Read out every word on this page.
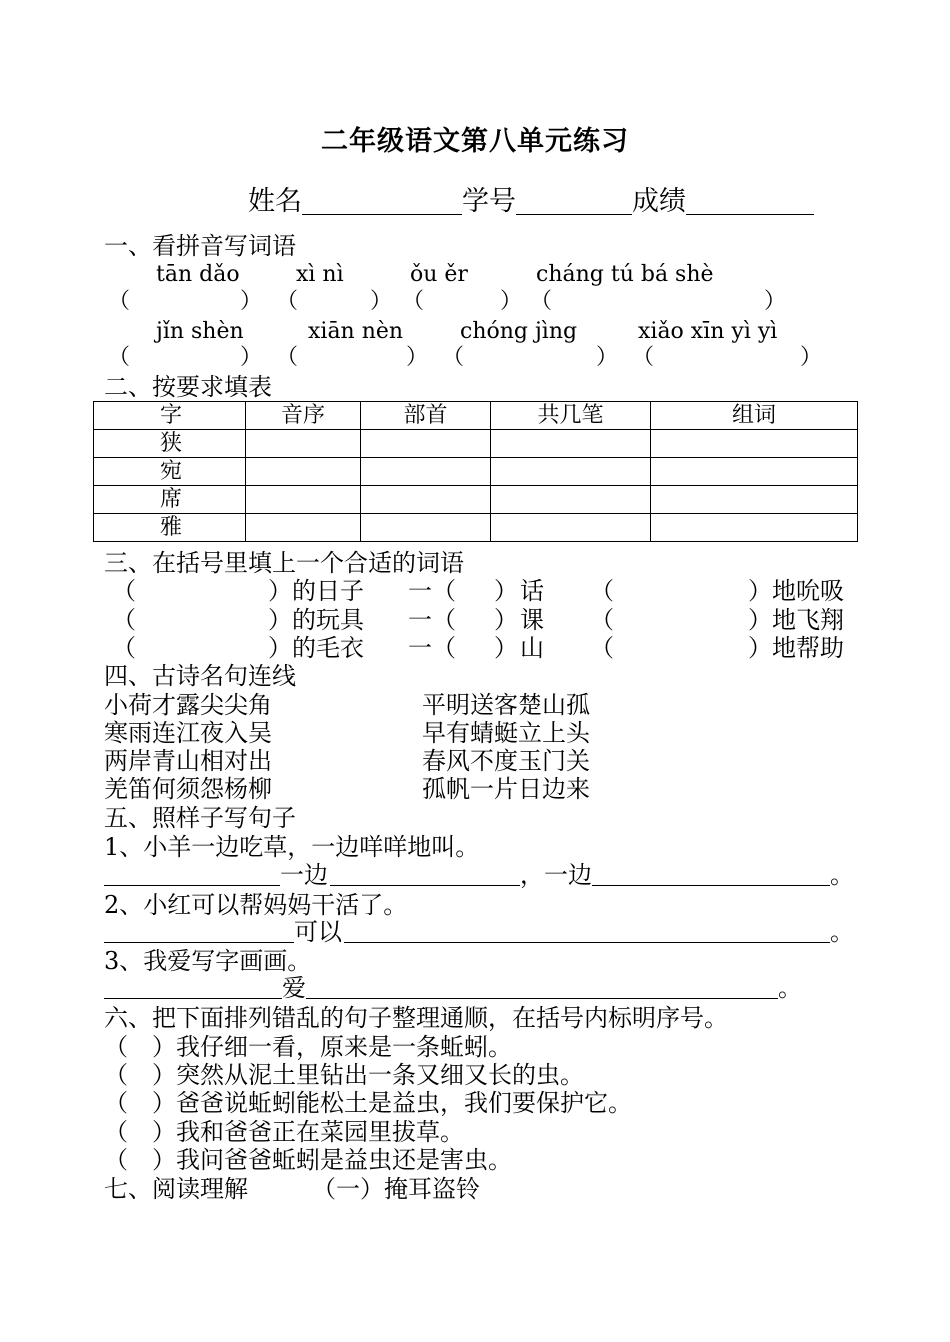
二年级语文第八单元练习
姓名	学号	成绩
一、看拼音写词语
tān dǎo	xì nì	ǒu ěr	cháng tú bá shè
（	） （	） （	） （	）
jǐn shèn	xiān nèn	chóng jìng	xiǎo xīn yì yì
（	） （	） （	） （	）
二、按要求填表
字	音序	部首	共几笔	组词
狭				
宛				
席				
雅				
三、在括号里填上一个合适的词语
（	） 的日子 一 （ ） 话 （	） 地吮吸
（	） 的玩具 一 （ ） 课 （	） 地飞翔
（	） 的毛衣 一 （ ） 山 （	） 地帮助
四、古诗名句连线
小荷才露尖尖角	平明送客楚山孤
寒雨连江夜入吴	早有蜻蜓立上头
两岸青山相对出	春风不度玉门关
羌笛何须怨杨柳	孤帆一片日边来
五、照样子写句子
1、小羊一边吃草，一边咩咩地叫。
一边	，一边	。
2、小红可以帮妈妈干活了。
可以	。
3、我爱写字画画。
爱	。
六、把下面排列错乱的句子整理通顺，在括号内标明序号。
（　）我仔细一看，原来是一条蚯蚓。
（　）突然从泥土里钻出一条又细又长的虫。
（　）爸爸说蚯蚓能松土是益虫，我们要保护它。
（　）我和爸爸正在菜园里拔草。
（　）我问爸爸蚯蚓是益虫还是害虫。
七、阅读理解	（一）掩耳盗铃
